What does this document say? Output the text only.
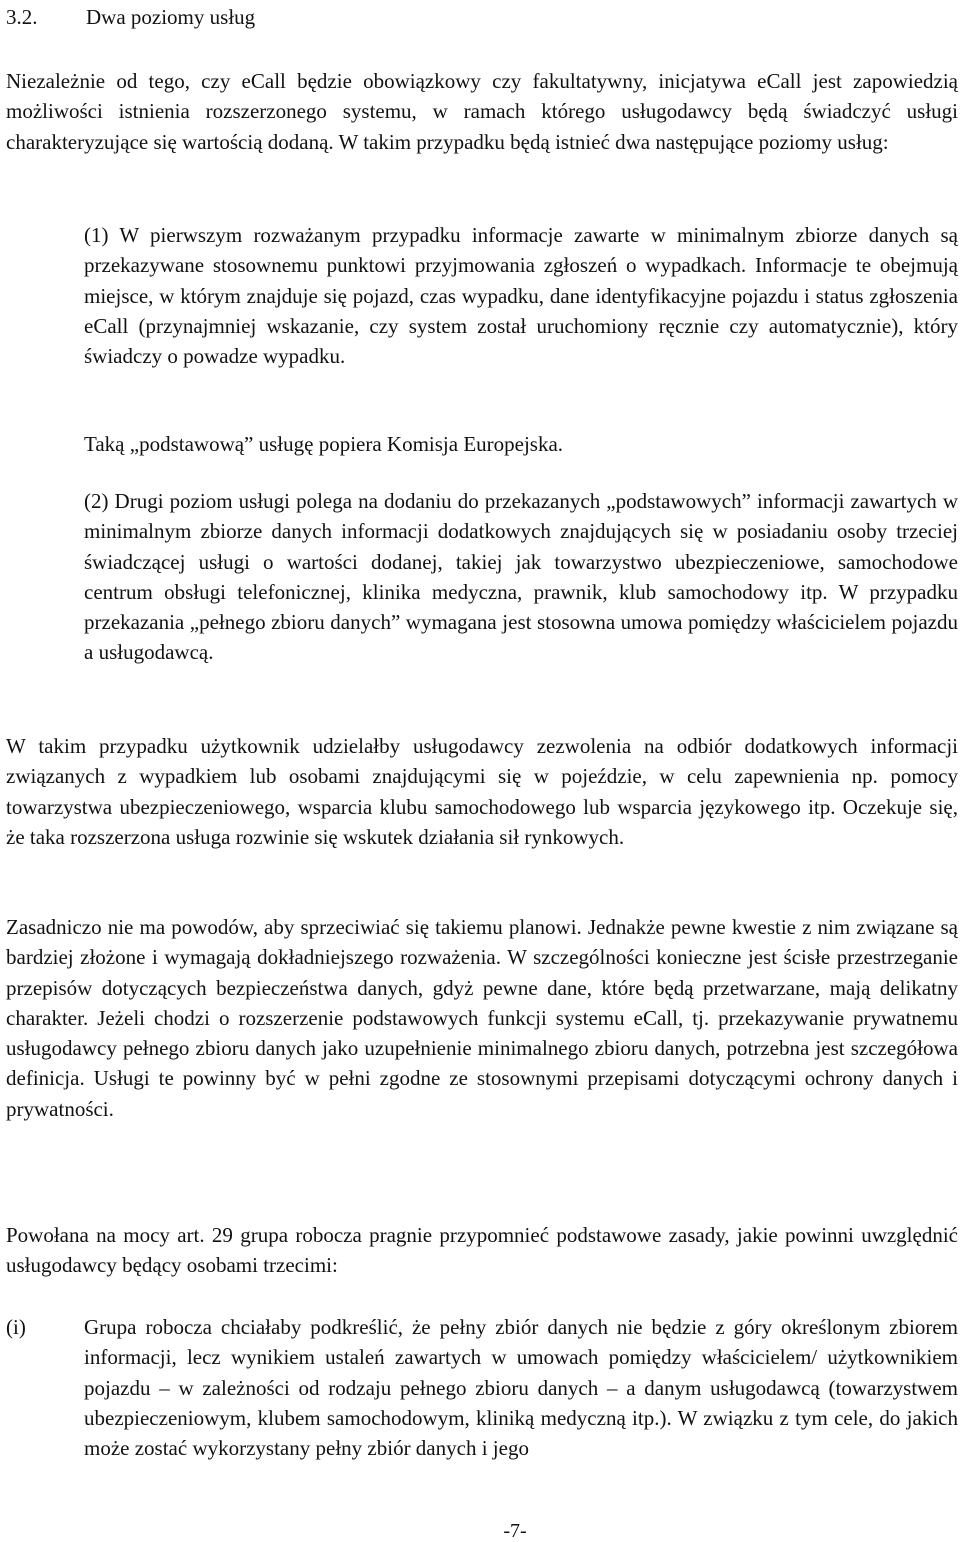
3.2.	Dwa poziomy usług

Niezależnie od tego, czy eCall będzie obowiązkowy czy fakultatywny, inicjatywa eCall jest zapowiedzią możliwości istnienia rozszerzonego systemu, w ramach którego usługodawcy będą świadczyć usługi charakteryzujące się wartością dodaną. W takim przypadku będą istnieć dwa następujące poziomy usług:

(1) W pierwszym rozważanym przypadku informacje zawarte w minimalnym zbiorze danych są przekazywane stosownemu punktowi przyjmowania zgłoszeń o wypadkach. Informacje te obejmują miejsce, w którym znajduje się pojazd, czas wypadku, dane identyfikacyjne pojazdu i status zgłoszenia eCall (przynajmniej wskazanie, czy system został uruchomiony ręcznie czy automatycznie), który świadczy o powadze wypadku.

Taką „podstawową” usługę popiera Komisja Europejska.

(2) Drugi poziom usługi polega na dodaniu do przekazanych „podstawowych” informacji zawartych w minimalnym zbiorze danych informacji dodatkowych znajdujących się w posiadaniu osoby trzeciej świadczącej usługi o wartości dodanej, takiej jak towarzystwo ubezpieczeniowe, samochodowe centrum obsługi telefonicznej, klinika medyczna, prawnik, klub samochodowy itp. W przypadku przekazania „pełnego zbioru danych” wymagana jest stosowna umowa pomiędzy właścicielem pojazdu a usługodawcą.

W takim przypadku użytkownik udzielałby usługodawcy zezwolenia na odbiór dodatkowych informacji związanych z wypadkiem lub osobami znajdującymi się w pojeździe, w celu zapewnienia np. pomocy towarzystwa ubezpieczeniowego, wsparcia klubu samochodowego lub wsparcia językowego itp. Oczekuje się, że taka rozszerzona usługa rozwinie się wskutek działania sił rynkowych.

Zasadniczo nie ma powodów, aby sprzeciwiać się takiemu planowi. Jednakże pewne kwestie z nim związane są bardziej złożone i wymagają dokładniejszego rozważenia. W szczególności konieczne jest ścisłe przestrzeganie przepisów dotyczących bezpieczeństwa danych, gdyż pewne dane, które będą przetwarzane, mają delikatny charakter. Jeżeli chodzi o rozszerzenie podstawowych funkcji systemu eCall, tj. przekazywanie prywatnemu usługodawcy pełnego zbioru danych jako uzupełnienie minimalnego zbioru danych, potrzebna jest szczegółowa definicja. Usługi te powinny być w pełni zgodne ze stosownymi przepisami dotyczącymi ochrony danych i prywatności.

Powołana na mocy art. 29 grupa robocza pragnie przypomnieć podstawowe zasady, jakie powinni uwzględnić usługodawcy będący osobami trzecimi:

(i)	Grupa robocza chciałaby podkreślić, że pełny zbiór danych nie będzie z góry określonym zbiorem informacji, lecz wynikiem ustaleń zawartych w umowach pomiędzy właścicielem/ użytkownikiem pojazdu – w zależności od rodzaju pełnego zbioru danych – a danym usługodawcą (towarzystwem ubezpieczeniowym, klubem samochodowym, kliniką medyczną itp.). W związku z tym cele, do jakich może zostać wykorzystany pełny zbiór danych i jego

-7-
